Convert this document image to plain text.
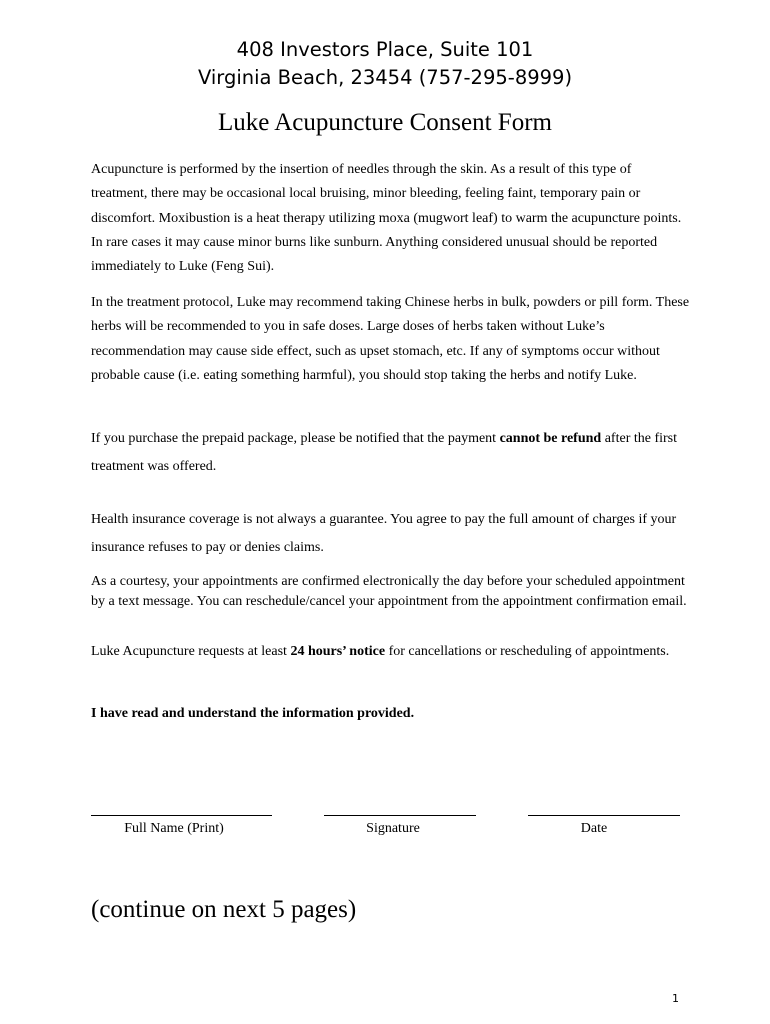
408 Investors Place, Suite 101
Virginia Beach, 23454 (757-295-8999)
Luke Acupuncture Consent Form
Acupuncture is performed by the insertion of needles through the skin. As a result of this type of treatment, there may be occasional local bruising, minor bleeding, feeling faint, temporary pain or discomfort. Moxibustion is a heat therapy utilizing moxa (mugwort leaf) to warm the acupuncture points. In rare cases it may cause minor burns like sunburn. Anything considered unusual should be reported immediately to Luke (Feng Sui).
In the treatment protocol, Luke may recommend taking Chinese herbs in bulk, powders or pill form. These herbs will be recommended to you in safe doses. Large doses of herbs taken without Luke’s recommendation may cause side effect, such as upset stomach, etc. If any of symptoms occur without probable cause (i.e. eating something harmful), you should stop taking the herbs and notify Luke.
If you purchase the prepaid package, please be notified that the payment cannot be refund after the first treatment was offered.
Health insurance coverage is not always a guarantee. You agree to pay the full amount of charges if your insurance refuses to pay or denies claims.
As a courtesy, your appointments are confirmed electronically the day before your scheduled appointment by a text message. You can reschedule/cancel your appointment from the appointment confirmation email.
Luke Acupuncture requests at least 24 hours’ notice for cancellations or rescheduling of appointments.
I have read and understand the information provided.
Full Name (Print)	Signature	Date
(continue on next 5 pages)
1
